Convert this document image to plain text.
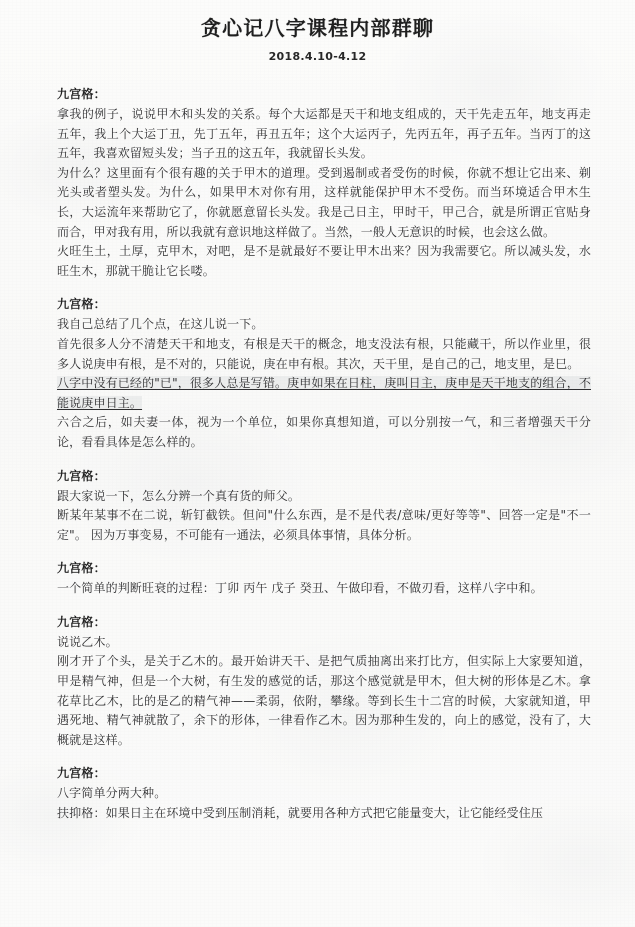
贪心记八字课程内部群聊
2018.4.10-4.12
九宫格：

拿我的例子，说说甲木和头发的关系。每个大运都是天干和地支组成的，天干先走五年，地支再走五年，我上个大运丁丑，先丁五年，再丑五年；这个大运丙子，先丙五年，再子五年。当丙丁的这五年，我喜欢留短头发；当子丑的这五年，我就留长头发。

为什么？这里面有个很有趣的关于甲木的道理。受到遏制或者受伤的时候，你就不想让它出来、剃光头或者塑头发。为什么，如果甲木对你有用，这样就能保护甲木不受伤。而当环境适合甲木生长，大运流年来帮助它了，你就愿意留长头发。我是己日主，甲时干，甲己合，就是所谓正官贴身而合，甲对我有用，所以我就有意识地这样做了。当然，一般人无意识的时候，也会这么做。

火旺生土，土厚，克甲木，对吧，是不是就最好不要让甲木出来？因为我需要它。所以减头发，水旺生木，那就干脆让它长喽。

九宫格：

我自己总结了几个点，在这儿说一下。

首先很多人分不清楚天干和地支，有根是天干的概念，地支没法有根，只能藏干，所以作业里，很多人说庚申有根，是不对的，只能说，庚在申有根。其次，天干里，是自己的己，地支里，是巳。

八字中没有已经的"已"，很多人总是写错。庚申如果在日柱，庚叫日主，庚申是天干地支的组合，不能说庚申日主。

六合之后，如夫妻一体，视为一个单位，如果你真想知道，可以分别按一气，和三者增强天干分论，看看具体是怎么样的。

九宫格：

跟大家说一下，怎么分辨一个真有货的师父。

断某年某事不在二说，斩钉截铁。但问"什么东西，是不是代表/意味/更好等等"、回答一定是"不一定"。 因为万事变易，不可能有一通法，必须具体事情，具体分析。

九宫格：

一个简单的判断旺衰的过程：丁卯 丙午 戊子 癸丑、午做印看，不做刃看，这样八字中和。

九宫格：

说说乙木。

刚才开了个头，是关于乙木的。最开始讲天干、是把气质抽离出来打比方，但实际上大家要知道，甲是精气神，但是一个大树，有生发的感觉的话，那这个感觉就是甲木，但大树的形体是乙木。拿花草比乙木，比的是乙的精气神——柔弱，依附，攀缘。等到长生十二宫的时候，大家就知道，甲遇死地、精气神就散了，余下的形体，一律看作乙木。因为那种生发的，向上的感觉，没有了，大概就是这样。

九宫格：

八字简单分两大种。

扶抑格：如果日主在环境中受到压制消耗，就要用各种方式把它能量变大，让它能经受住压
